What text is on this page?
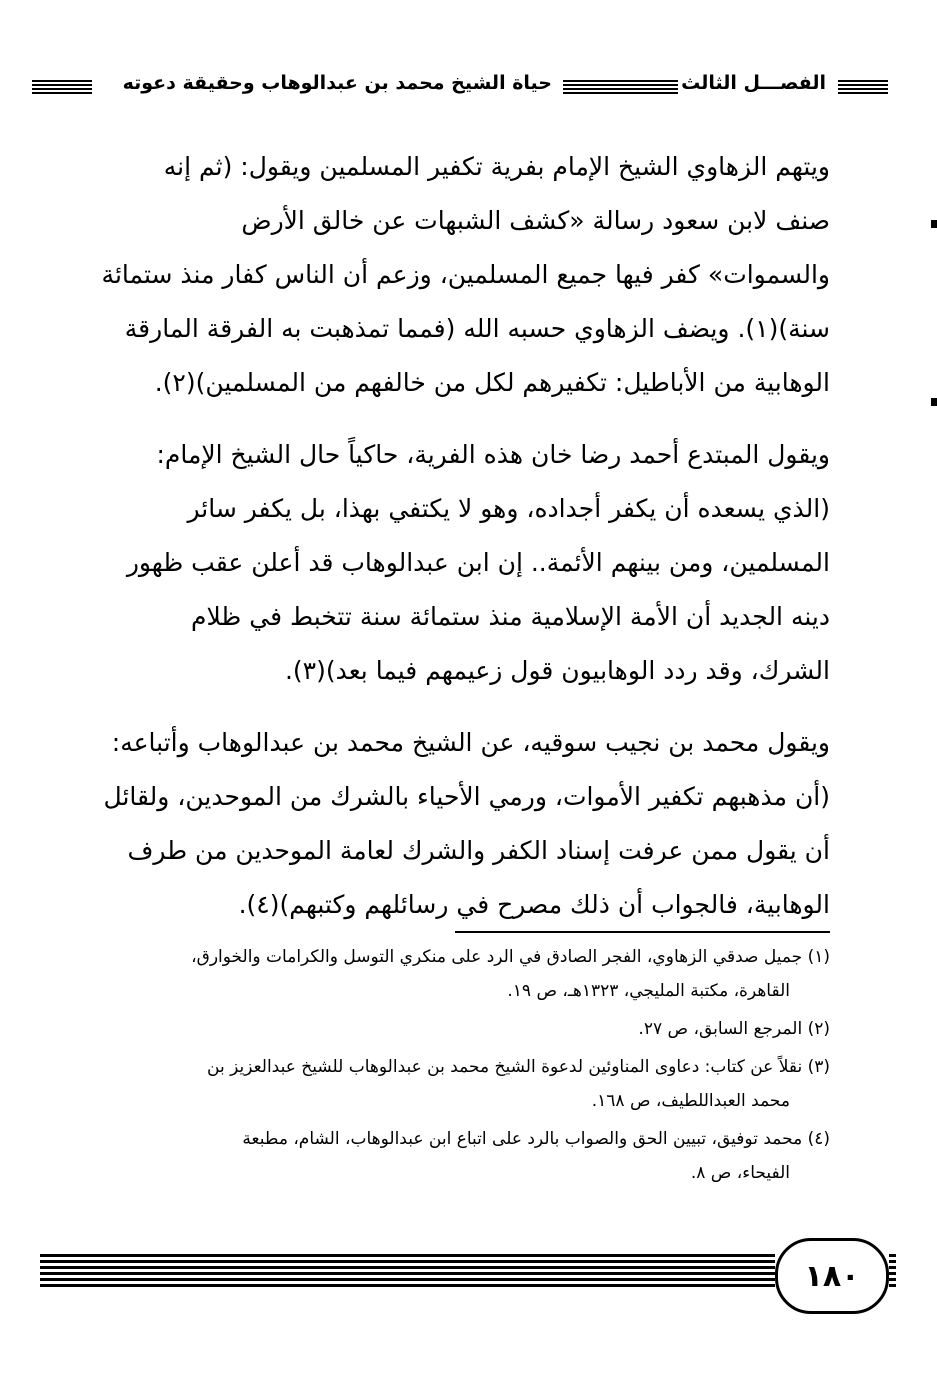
الفصـــل الثالث
حياة الشيخ محمد بن عبدالوهاب وحقيقة دعوته
ويتهم الزهاوي الشيخ الإمام بفرية تكفير المسلمين ويقول: (ثم إنه
صنف لابن سعود رسالة «كشف الشبهات عن خالق الأرض
والسموات» كفر فيها جميع المسلمين، وزعم أن الناس كفار منذ ستمائة
سنة)(١). ويضف الزهاوي حسبه الله (فمما تمذهبت به الفرقة المارقة
الوهابية من الأباطيل: تكفيرهم لكل من خالفهم من المسلمين)(٢).
ويقول المبتدع أحمد رضا خان هذه الفرية، حاكياً حال الشيخ الإمام:
(الذي يسعده أن يكفر أجداده، وهو لا يكتفي بهذا، بل يكفر سائر
المسلمين، ومن بينهم الأئمة.. إن ابن عبدالوهاب قد أعلن عقب ظهور
دينه الجديد أن الأمة الإسلامية منذ ستمائة سنة تتخبط في ظلام
الشرك، وقد ردد الوهابيون قول زعيمهم فيما بعد)(٣).
ويقول محمد بن نجيب سوقيه، عن الشيخ محمد بن عبدالوهاب وأتباعه:
(أن مذهبهم تكفير الأموات، ورمي الأحياء بالشرك من الموحدين، ولقائل
أن يقول ممن عرفت إسناد الكفر والشرك لعامة الموحدين من طرف
الوهابية، فالجواب أن ذلك مصرح في رسائلهم وكتبهم)(٤).
(١) جميل صدقي الزهاوي، الفجر الصادق في الرد على منكري التوسل والكرامات والخوارق،
القاهرة، مكتبة المليجي، ١٣٢٣هـ، ص ١٩.
(٢) المرجع السابق، ص ٢٧.
(٣) نقلاً عن كتاب: دعاوى المناوئين لدعوة الشيخ محمد بن عبدالوهاب للشيخ عبدالعزيز بن
محمد العبداللطيف، ص ١٦٨.
(٤) محمد توفيق، تبيين الحق والصواب بالرد على اتباع ابن عبدالوهاب، الشام، مطبعة
الفيحاء، ص ٨.
١٨٠
